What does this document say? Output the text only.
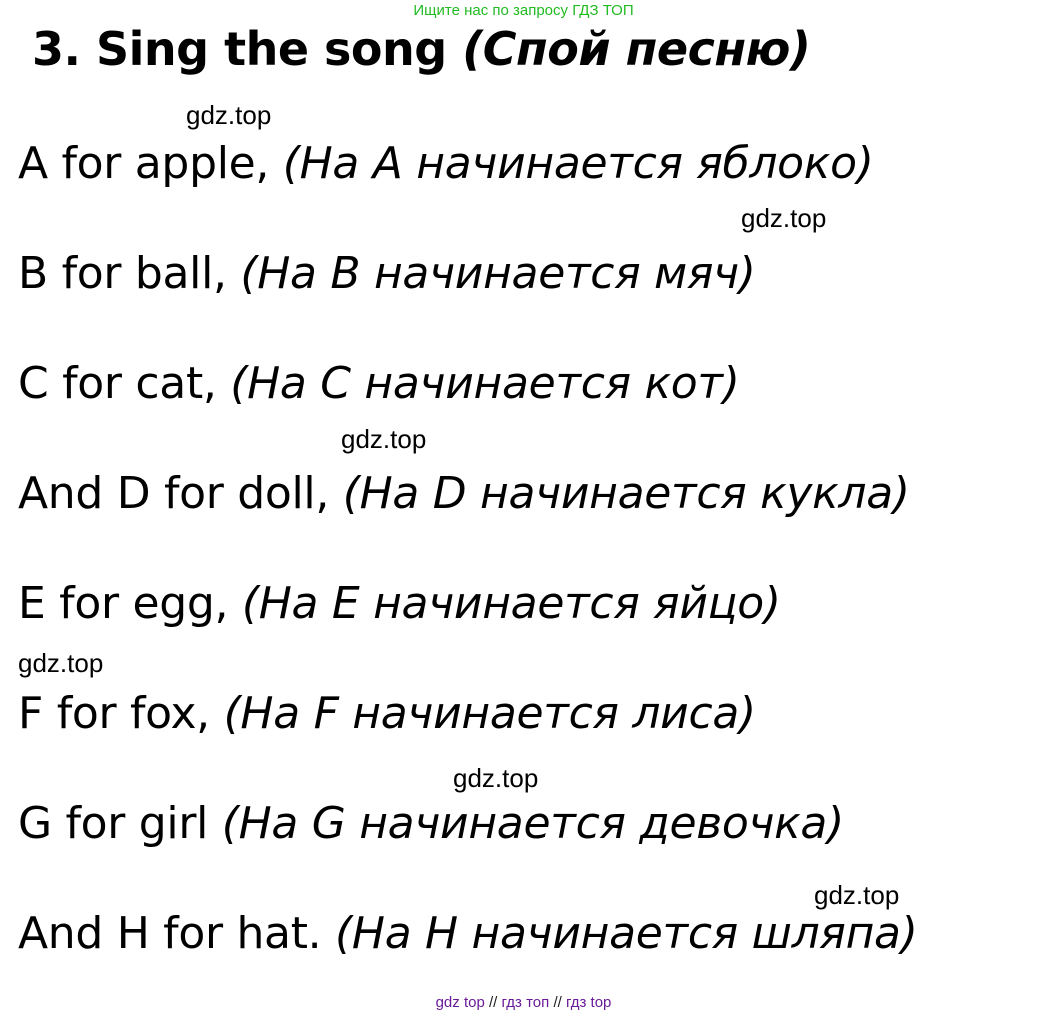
Ищите нас по запросу ГДЗ ТОП
3. Sing the song (Спой песню)
gdz.top
A for apple, (На A начинается яблоко)
gdz.top
B for ball, (На B начинается мяч)
C for cat, (На C начинается кот)
gdz.top
And D for doll, (На D начинается кукла)
E for egg, (На E начинается яйцо)
gdz.top
F for fox, (На F начинается лиса)
gdz.top
G for girl (На G начинается девочка)
gdz.top
And H for hat. (На H начинается шляпа)
gdz top // гдз топ // гдз top
